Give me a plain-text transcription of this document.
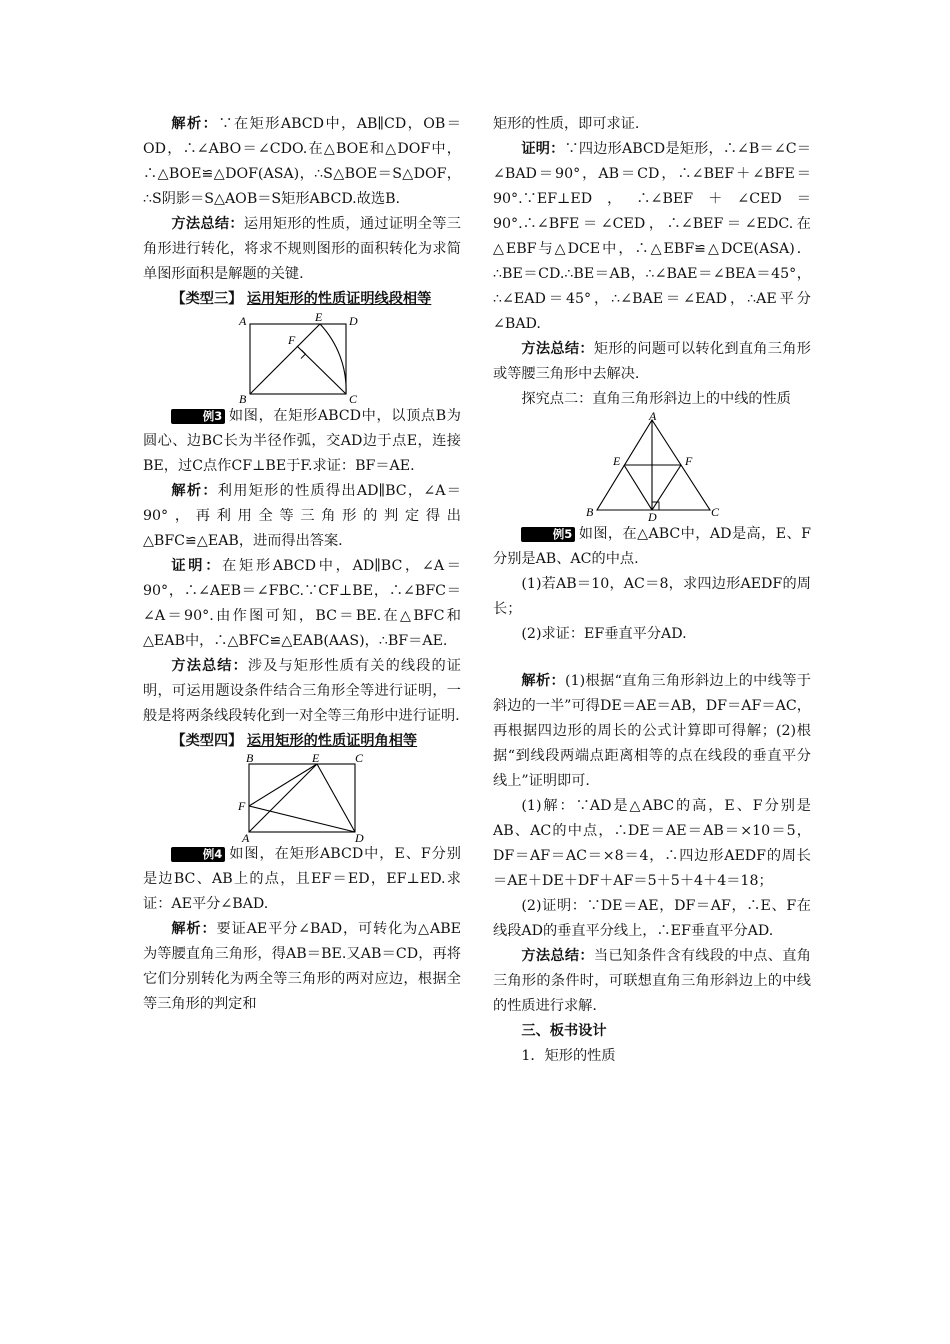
解析：∵在矩形ABCD中，AB∥CD，OB＝OD，∴∠ABO＝∠CDO.在△BOE和△DOF中，∴△BOE≌△DOF(ASA)，∴S△BOE＝S△DOF，∴S阴影＝S△AOB＝S矩形ABCD.故选B.

方法总结：运用矩形的性质，通过证明全等三角形进行转化，将求不规则图形的面积转化为求简单图形面积是解题的关键.

【类型三】 运用矩形的性质证明线段相等

A	E D
F
B	C

例3 如图，在矩形ABCD中，以顶点B为圆心、边BC长为半径作弧，交AD边于点E，连接BE，过C点作CF⊥BE于F.求证：BF＝AE.

解析：利用矩形的性质得出AD∥BC，∠A＝90°，再利用全等三角形的判定得出△BFC≌△EAB，进而得出答案.

证明：在矩形ABCD中，AD∥BC，∠A＝90°，∴∠AEB＝∠FBC.∵CF⊥BE，∴∠BFC＝∠A＝90°.由作图可知，BC＝BE.在△BFC和△EAB中，∴△BFC≌△EAB(AAS)，∴BF＝AE.

方法总结：涉及与矩形性质有关的线段的证明，可运用题设条件结合三角形全等进行证明，一般是将两条线段转化到一对全等三角形中进行证明.

【类型四】 运用矩形的性质证明角相等

B	E	C
F
A	D

例4 如图，在矩形ABCD中，E、F分别是边BC、AB上的点，且EF＝ED，EF⊥ED.求证：AE平分∠BAD.

解析：要证AE平分∠BAD，可转化为△ABE为等腰直角三角形，得AB＝BE.又AB＝CD，再将它们分别转化为两全等三角形的两对应边，根据全等三角形的判定和

矩形的性质，即可求证.

证明：∵四边形ABCD是矩形，∴∠B＝∠C＝∠BAD＝90°，AB＝CD，∴∠BEF＋∠BFE＝90°.∵EF⊥ED，∴∠BEF＋∠CED＝90°.∴∠BFE＝∠CED，∴∠BEF＝∠EDC.在△EBF与△DCE中，∴△EBF≌△DCE(ASA)．∴BE＝CD.∴BE＝AB，∴∠BAE＝∠BEA＝45°，∴∠EAD＝45°，∴∠BAE＝∠EAD，∴AE平分∠BAD.

方法总结：矩形的问题可以转化到直角三角形或等腰三角形中去解决.

探究点二：直角三角形斜边上的中线的性质

A
E	F
B	D	C

例5 如图，在△ABC中，AD是高，E、F分别是AB、AC的中点.

(1)若AB＝10，AC＝8，求四边形AEDF的周长；

(2)求证：EF垂直平分AD.

解析：(1)根据“直角三角形斜边上的中线等于斜边的一半”可得DE＝AE＝AB，DF＝AF＝AC，再根据四边形的周长的公式计算即可得解；(2)根据“到线段两端点距离相等的点在线段的垂直平分线上”证明即可.

(1)解：∵AD是△ABC的高，E、F分别是AB、AC的中点，∴DE＝AE＝AB＝×10＝5，DF＝AF＝AC＝×8＝4，∴四边形AEDF的周长＝AE＋DE＋DF＋AF＝5＋5＋4＋4＝18；

(2)证明：∵DE＝AE，DF＝AF，∴E、F在线段AD的垂直平分线上，∴EF垂直平分AD.

方法总结：当已知条件含有线段的中点、直角三角形的条件时，可联想直角三角形斜边上的中线的性质进行求解.

三、板书设计

1．矩形的性质
